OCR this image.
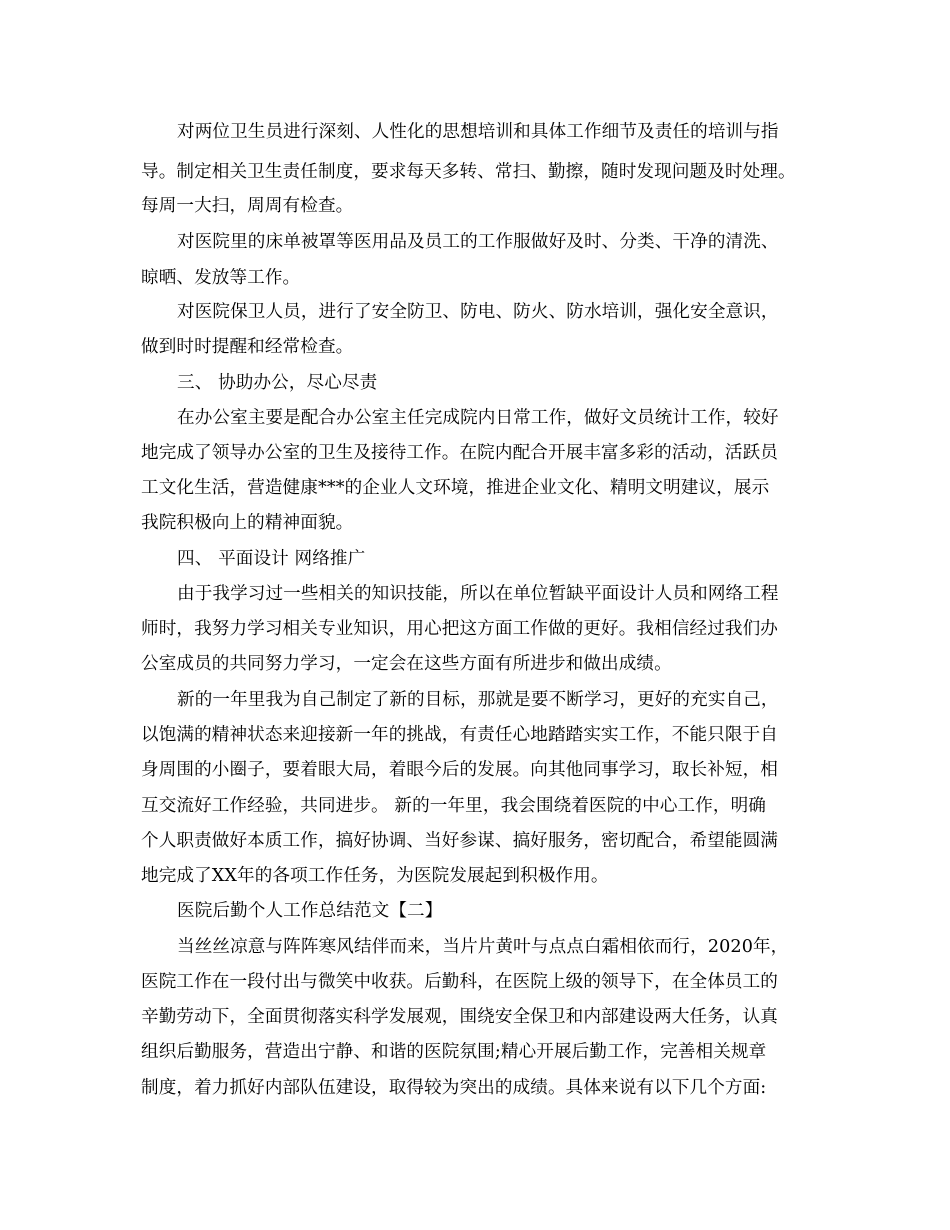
对两位卫生员进行深刻、人性化的思想培训和具体工作细节及责任的培训与指
导。制定相关卫生责任制度，要求每天多转、常扫、勤擦，随时发现问题及时处理。
每周一大扫，周周有检查。
对医院里的床单被罩等医用品及员工的工作服做好及时、分类、干净的清洗、
晾晒、发放等工作。
对医院保卫人员，进行了安全防卫、防电、防火、防水培训，强化安全意识，
做到时时提醒和经常检查。
三、 协助办公，尽心尽责
在办公室主要是配合办公室主任完成院内日常工作，做好文员统计工作，较好
地完成了领导办公室的卫生及接待工作。在院内配合开展丰富多彩的活动，活跃员
工文化生活，营造健康***的企业人文环境，推进企业文化、精明文明建议，展示
我院积极向上的精神面貌。
四、 平面设计 网络推广
由于我学习过一些相关的知识技能，所以在单位暂缺平面设计人员和网络工程
师时，我努力学习相关专业知识，用心把这方面工作做的更好。我相信经过我们办
公室成员的共同努力学习，一定会在这些方面有所进步和做出成绩。
新的一年里我为自己制定了新的目标，那就是要不断学习，更好的充实自己，
以饱满的精神状态来迎接新一年的挑战，有责任心地踏踏实实工作，不能只限于自
身周围的小圈子，要着眼大局，着眼今后的发展。向其他同事学习，取长补短，相
互交流好工作经验，共同进步。 新的一年里，我会围绕着医院的中心工作，明确
个人职责做好本质工作，搞好协调、当好参谋、搞好服务，密切配合，希望能圆满
地完成了XX年的各项工作任务，为医院发展起到积极作用。
医院后勤个人工作总结范文【二】
当丝丝凉意与阵阵寒风结伴而来，当片片黄叶与点点白霜相依而行，2020年，
医院工作在一段付出与微笑中收获。后勤科，在医院上级的领导下，在全体员工的
辛勤劳动下，全面贯彻落实科学发展观，围绕安全保卫和内部建设两大任务，认真
组织后勤服务，营造出宁静、和谐的医院氛围;精心开展后勤工作，完善相关规章
制度，着力抓好内部队伍建设，取得较为突出的成绩。具体来说有以下几个方面:
